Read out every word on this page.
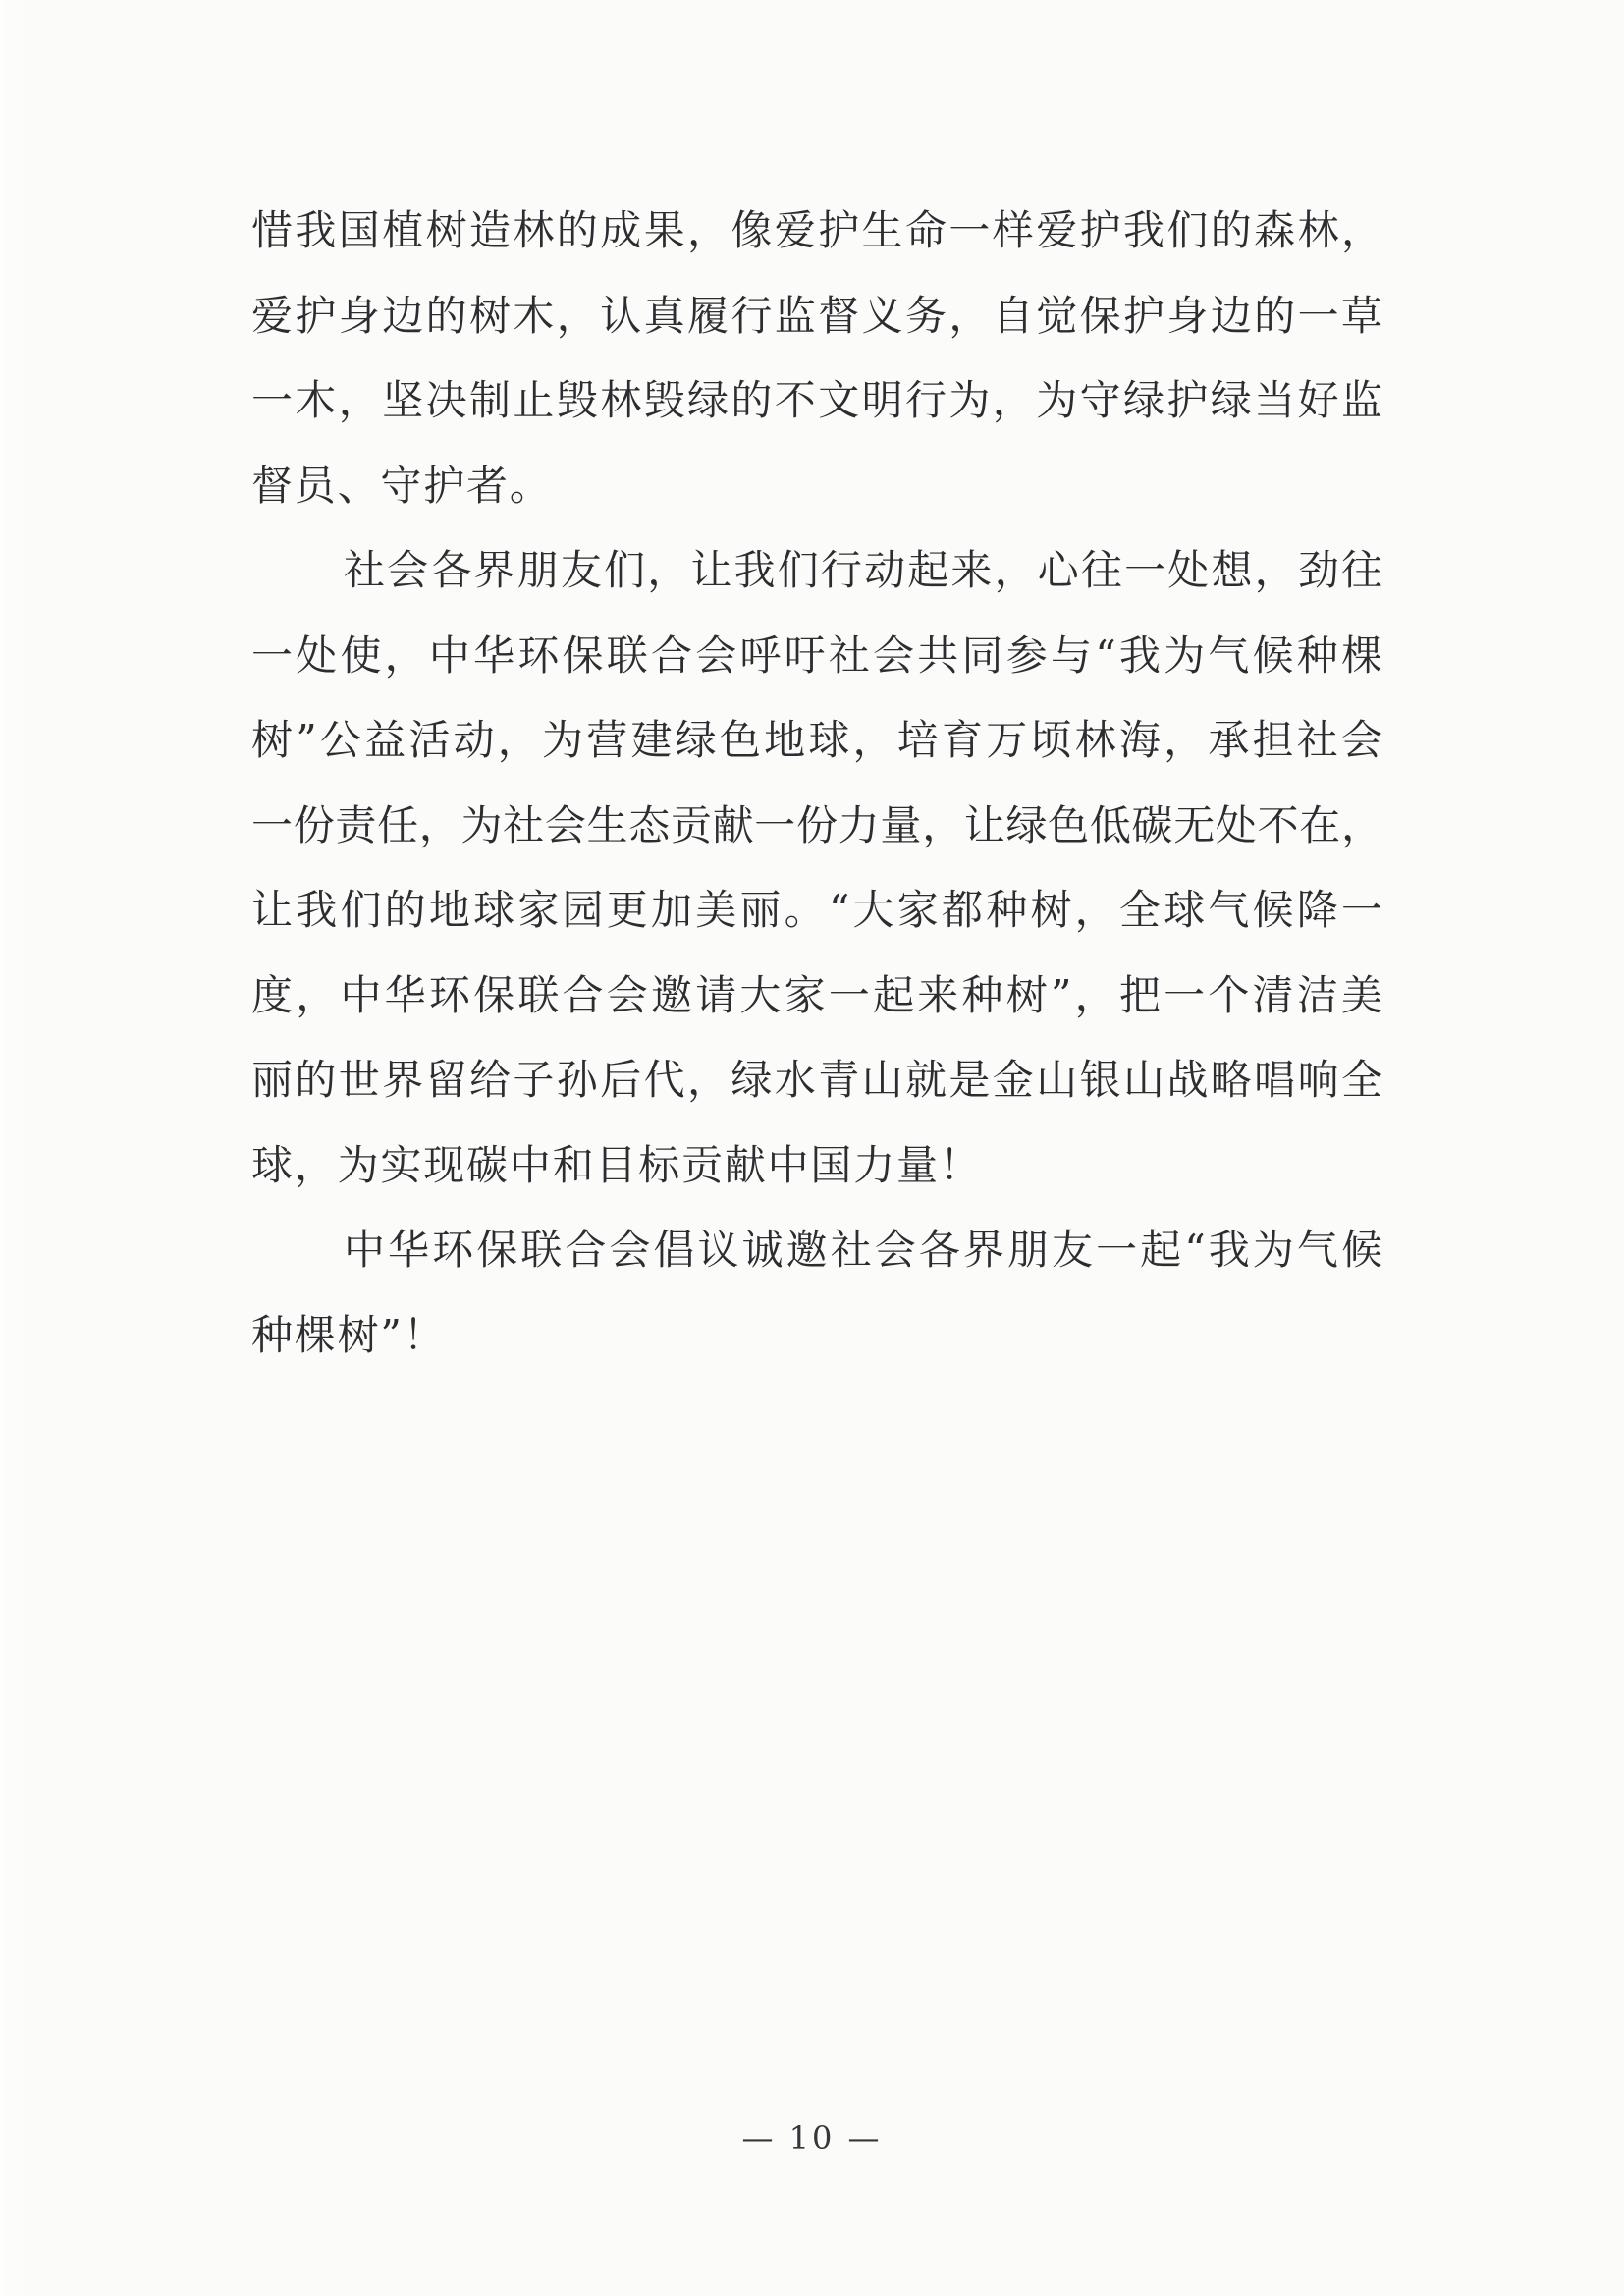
惜我国植树造林的成果，像爱护生命一样爱护我们的森林，
爱护身边的树木，认真履行监督义务，自觉保护身边的一草
一木，坚决制止毁林毁绿的不文明行为，为守绿护绿当好监
督员、守护者。
社会各界朋友们，让我们行动起来，心往一处想，劲往
一处使，中华环保联合会呼吁社会共同参与“我为气候种棵
树”公益活动，为营建绿色地球，培育万顷林海，承担社会
一份责任，为社会生态贡献一份力量，让绿色低碳无处不在，
让我们的地球家园更加美丽。“大家都种树，全球气候降一
度，中华环保联合会邀请大家一起来种树”，把一个清洁美
丽的世界留给子孙后代，绿水青山就是金山银山战略唱响全
球，为实现碳中和目标贡献中国力量！
中华环保联合会倡议诚邀社会各界朋友一起“我为气候
种棵树”！
— 10 —
